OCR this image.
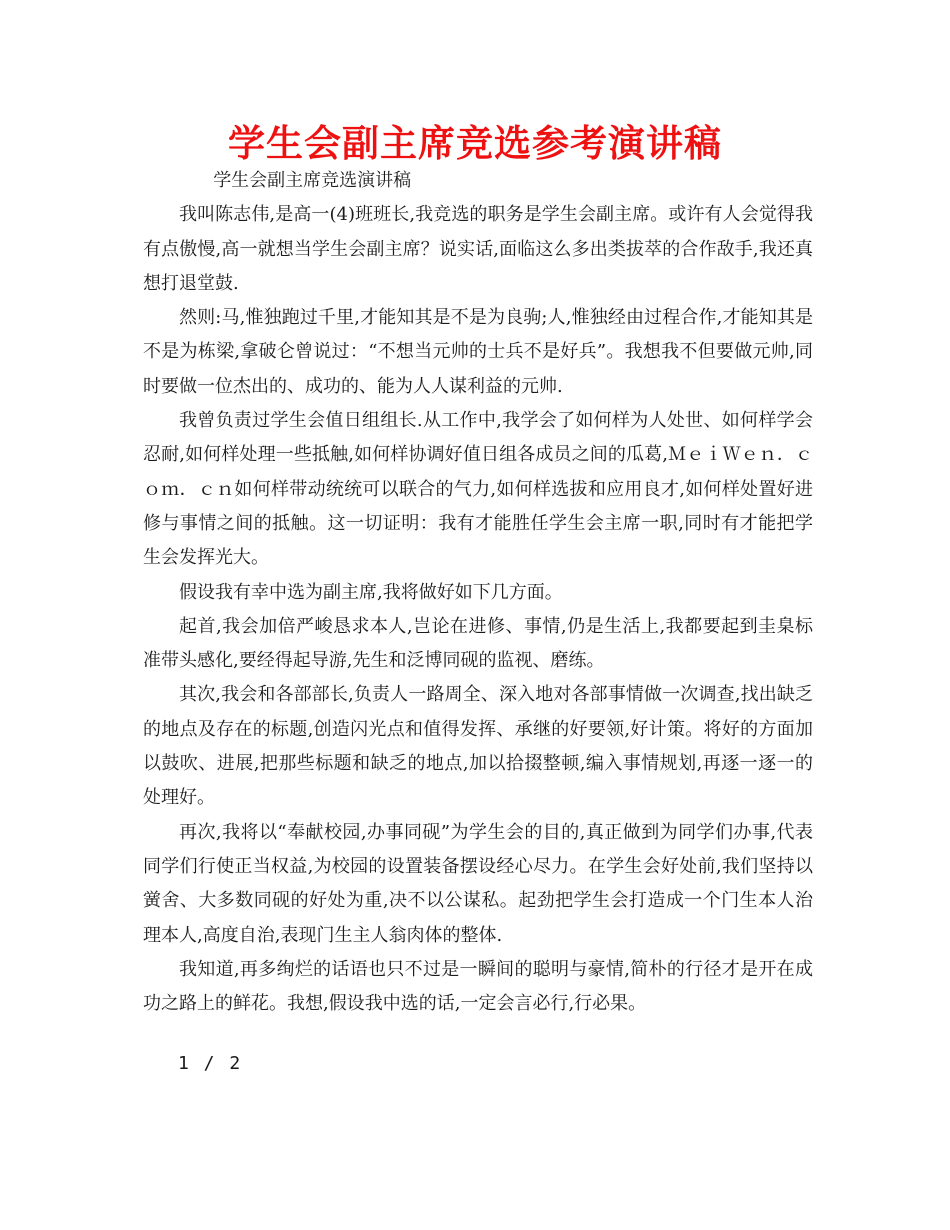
学生会副主席竞选参考演讲稿

学生会副主席竞选演讲稿

我叫陈志伟,是高一(4)班班长,我竞选的职务是学生会副主席。或许有人会觉得我有点傲慢,高一就想当学生会副主席？说实话,面临这么多出类拔萃的合作敌手,我还真想打退堂鼓.

然则:马,惟独跑过千里,才能知其是不是为良驹;人,惟独经由过程合作,才能知其是不是为栋梁,拿破仑曾说过：“不想当元帅的士兵不是好兵”。我想我不但要做元帅,同时要做一位杰出的、成功的、能为人人谋利益的元帅.

我曾负责过学生会值日组组长.从工作中,我学会了如何样为人处世、如何样学会忍耐,如何样处理一些抵触,如何样协调好值日组各成员之间的瓜葛,ＭｅｉＷｅｎ．ｃｏｍ．ｃｎ如何样带动统统可以联合的气力,如何样选拔和应用良才,如何样处置好进修与事情之间的抵触。这一切证明：我有才能胜任学生会主席一职,同时有才能把学生会发挥光大。

假设我有幸中选为副主席,我将做好如下几方面。

起首,我会加倍严峻恳求本人,岂论在进修、事情,仍是生活上,我都要起到圭臬标准带头感化,要经得起导游,先生和泛博同砚的监视、磨练。

其次,我会和各部部长,负责人一路周全、深入地对各部事情做一次调查,找出缺乏的地点及存在的标题,创造闪光点和值得发挥、承继的好要领,好计策。将好的方面加以鼓吹、进展,把那些标题和缺乏的地点,加以拾掇整顿,编入事情规划,再逐一逐一的处理好。

再次,我将以“奉献校园,办事同砚”为学生会的目的,真正做到为同学们办事,代表同学们行使正当权益,为校园的设置装备摆设经心尽力。在学生会好处前,我们坚持以黉舍、大多数同砚的好处为重,决不以公谋私。起劲把学生会打造成一个门生本人治理本人,高度自治,表现门生主人翁肉体的整体.

我知道,再多绚烂的话语也只不过是一瞬间的聪明与豪情,简朴的行径才是开在成功之路上的鲜花。我想,假设我中选的话,一定会言必行,行必果。

1 / 2
